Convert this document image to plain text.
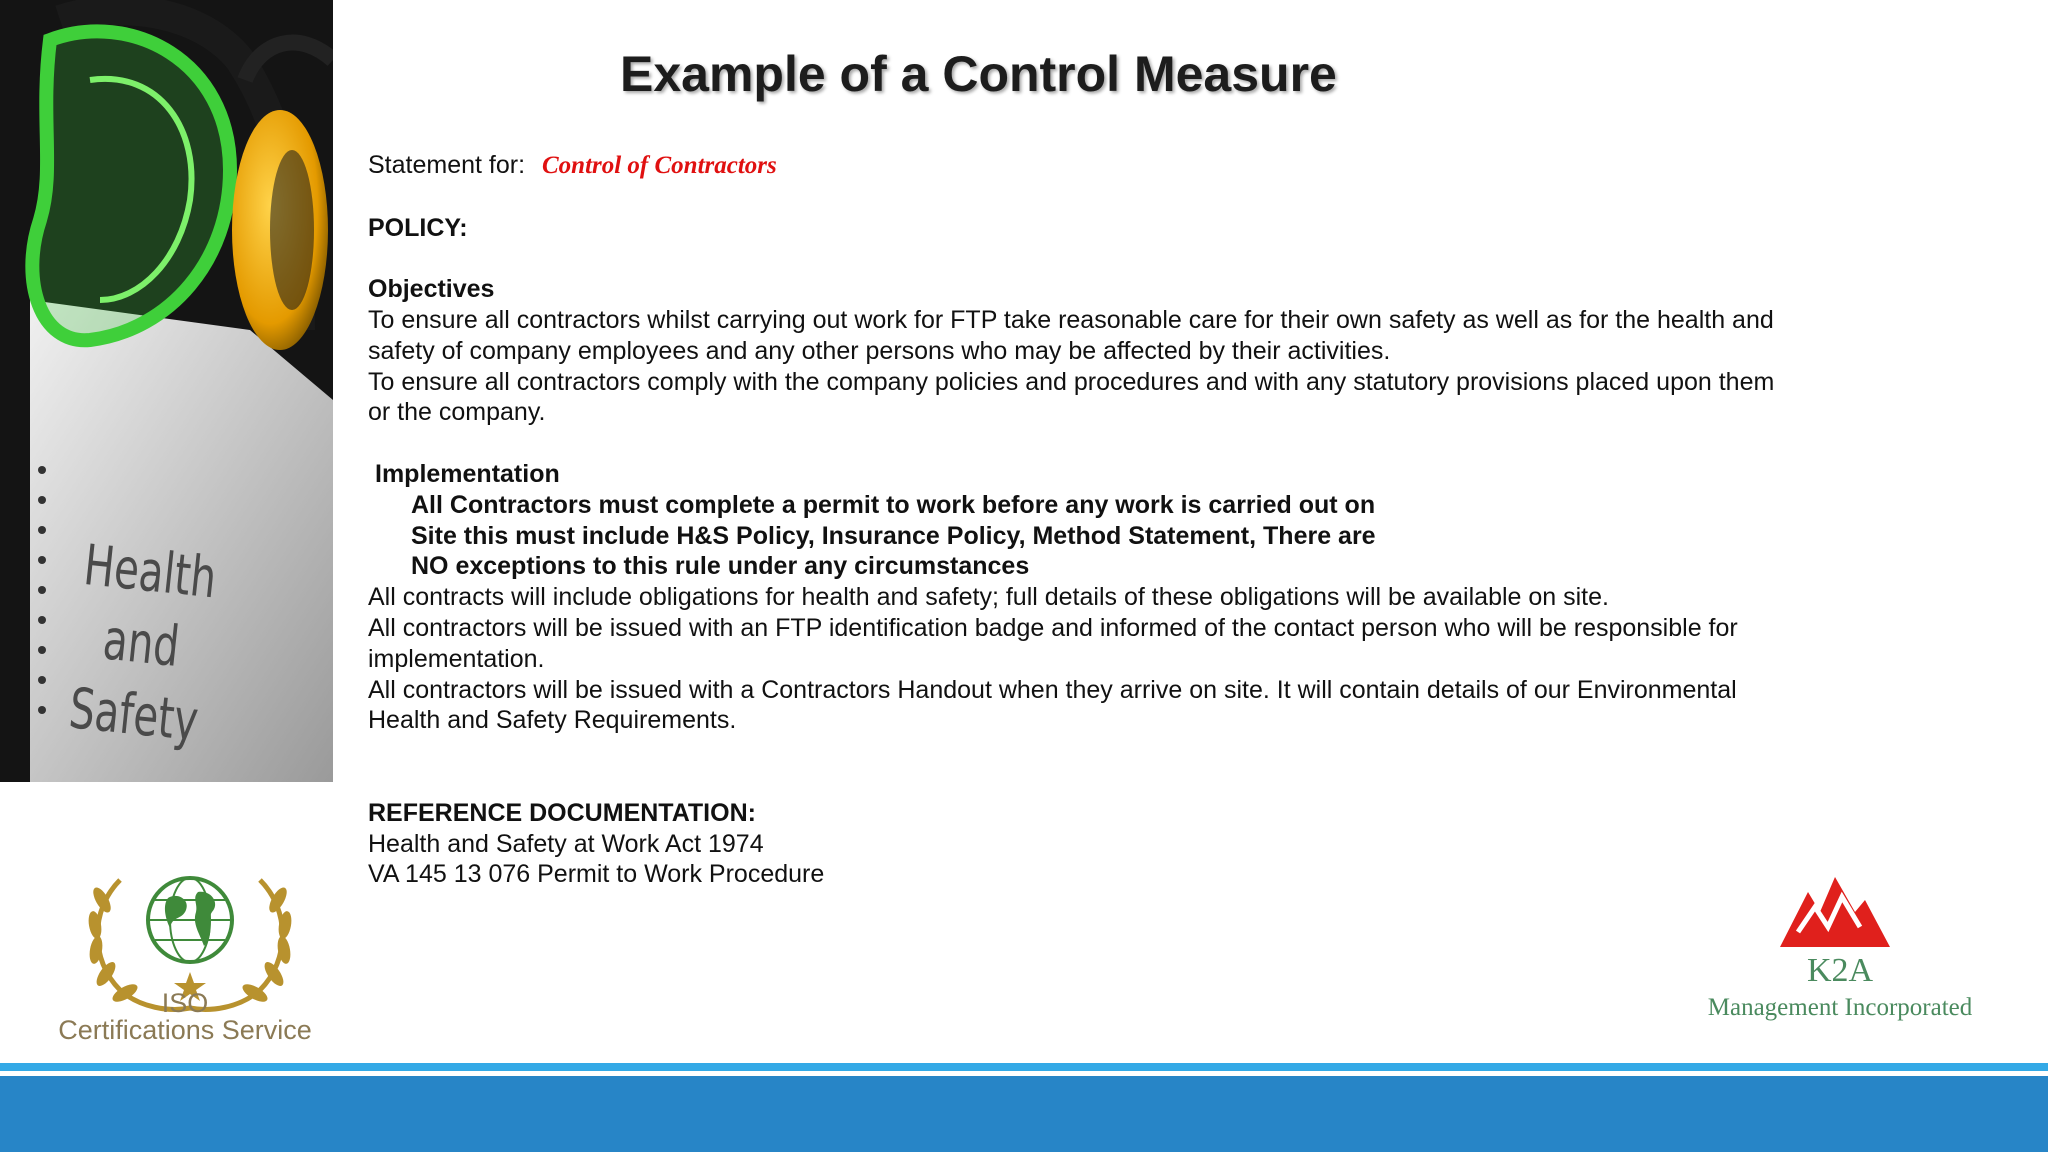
Health and
Safety
Example of a Control Measure

Statement for: Control of Contractors

POLICY:

Objectives

To ensure all contractors whilst carrying out work for FTP take reasonable care for their own safety as well as for the health and

safety of company employees and any other persons who may be affected by their activities.

To ensure all contractors comply with the company policies and procedures and with any statutory provisions placed upon them

or the company.

Implementation

All Contractors must complete a permit to work before any work is carried out on

Site this must include H&S Policy, Insurance Policy, Method Statement, There are

NO exceptions to this rule under any circumstances

All contracts will include obligations for health and safety; full details of these obligations will be available on site.

All contractors will be issued with an FTP identification badge and informed of the contact person who will be responsible for

implementation.

All contractors will be issued with a Contractors Handout when they arrive on site. It will contain details of our Environmental

Health and Safety Requirements.

REFERENCE DOCUMENTATION:

Health and Safety at Work Act 1974

VA 145 13 076 Permit to Work Procedure

ISO
Certifications Service
K2A
Management Incorporated
